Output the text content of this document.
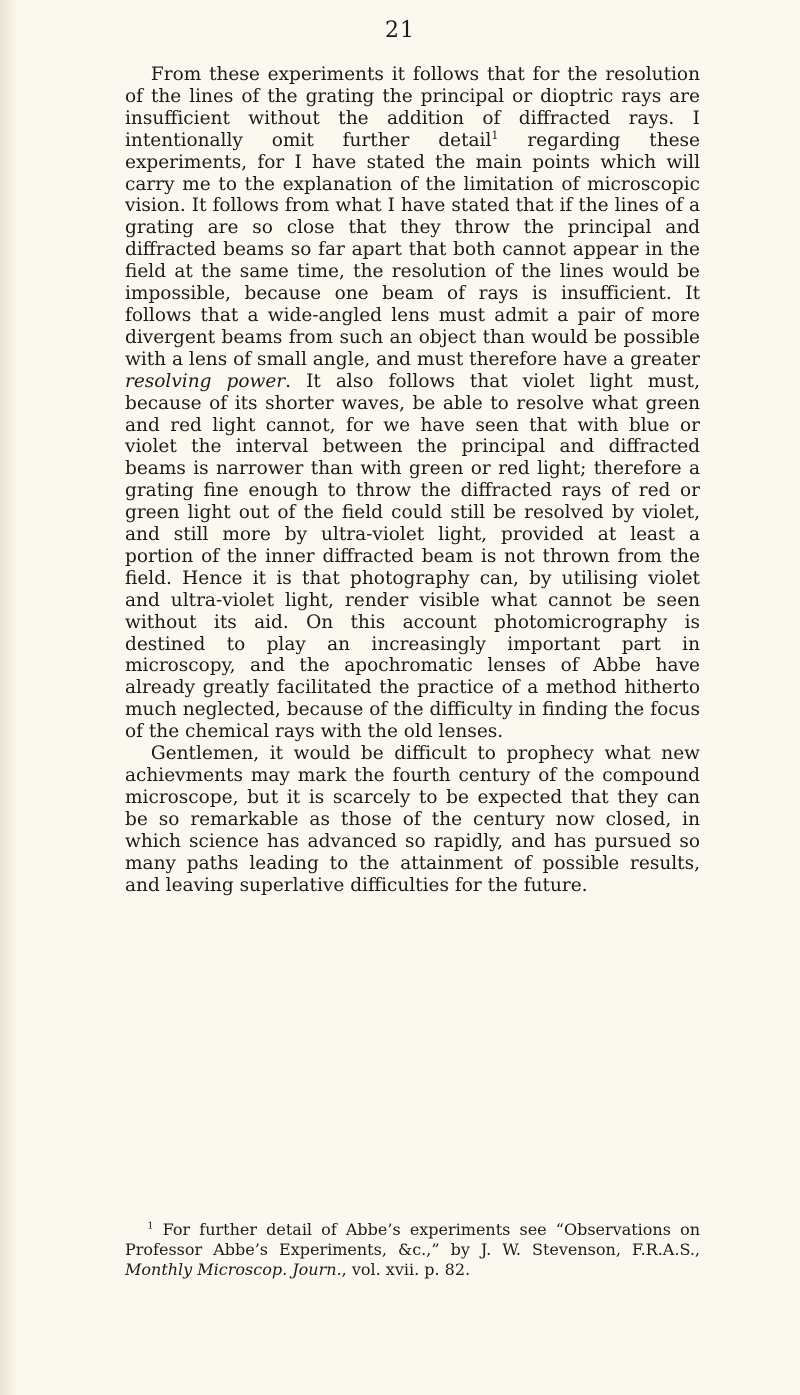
21

From these experiments it follows that for the resolution of the lines of the grating the principal or dioptric rays are insufficient without the addition of diffracted rays. I intentionally omit further detail$^1$ regarding these experiments, for I have stated the main points which will carry me to the explanation of the limitation of microscopic vision. It follows from what I have stated that if the lines of a grating are so close that they throw the principal and diffracted beams so far apart that both cannot appear in the field at the same time, the resolution of the lines would be impossible, because one beam of rays is insufficient. It follows that a wide-angled lens must admit a pair of more divergent beams from such an object than would be possible with a lens of small angle, and must therefore have a greater resolving power. It also follows that violet light must, because of its shorter waves, be able to resolve what green and red light cannot, for we have seen that with blue or violet the interval between the principal and diffracted beams is narrower than with green or red light; therefore a grating fine enough to throw the diffracted rays of red or green light out of the field could still be resolved by violet, and still more by ultra-violet light, provided at least a portion of the inner diffracted beam is not thrown from the field. Hence it is that photography can, by utilising violet and ultra-violet light, render visible what cannot be seen without its aid. On this account photomicrography is destined to play an increasingly important part in microscopy, and the apochromatic lenses of Abbe have already greatly facilitated the practice of a method hitherto much neglected, because of the difficulty in finding the focus of the chemical rays with the old lenses.

Gentlemen, it would be difficult to prophecy what new achievments may mark the fourth century of the compound microscope, but it is scarcely to be expected that they can be so remarkable as those of the century now closed, in which science has advanced so rapidly, and has pursued so many paths leading to the attainment of possible results, and leaving superlative difficulties for the future.

$^1$ For further detail of Abbe’s experiments see “Observations on Professor Abbe’s Experiments, &c.,” by J. W. Stevenson, F.R.A.S., Monthly Microscop. Journ., vol. xvii. p. 82.
